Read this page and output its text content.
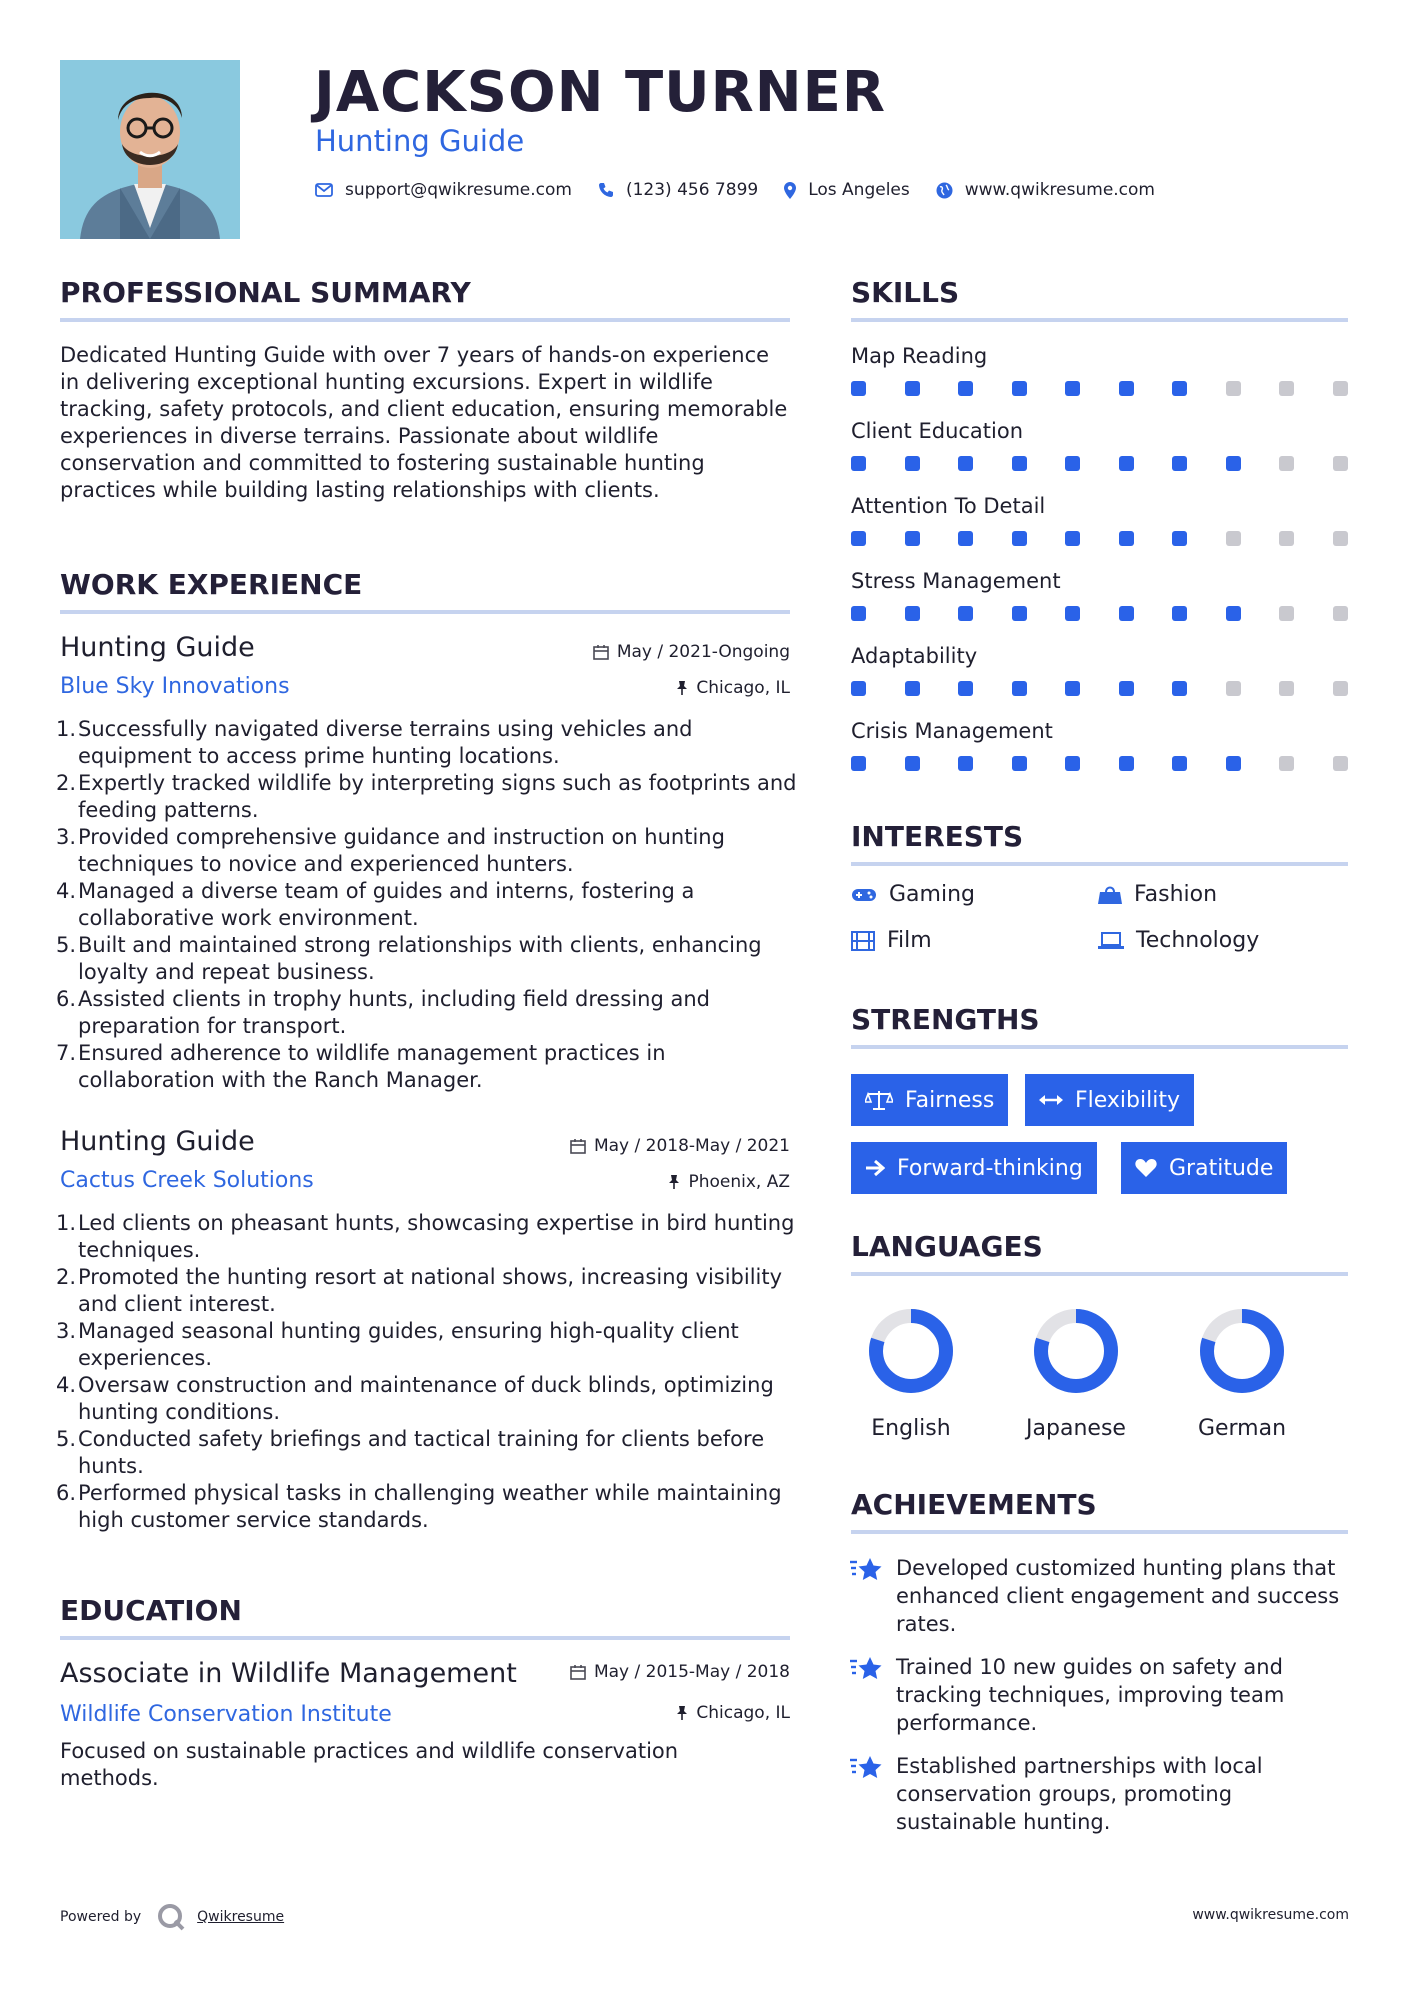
JACKSON TURNER
Hunting Guide
support@qwikresume.com	(123) 456 7899	Los Angeles	www.qwikresume.com
PROFESSIONAL SUMMARY
Dedicated Hunting Guide with over 7 years of hands-on experience in delivering exceptional hunting excursions. Expert in wildlife tracking, safety protocols, and client education, ensuring memorable experiences in diverse terrains. Passionate about wildlife conservation and committed to fostering sustainable hunting practices while building lasting relationships with clients.
WORK EXPERIENCE
Hunting Guide	May / 2021-Ongoing
Blue Sky Innovations	Chicago, IL
1. Successfully navigated diverse terrains using vehicles and equipment to access prime hunting locations.
2. Expertly tracked wildlife by interpreting signs such as footprints and feeding patterns.
3. Provided comprehensive guidance and instruction on hunting techniques to novice and experienced hunters.
4. Managed a diverse team of guides and interns, fostering a collaborative work environment.
5. Built and maintained strong relationships with clients, enhancing loyalty and repeat business.
6. Assisted clients in trophy hunts, including field dressing and preparation for transport.
7. Ensured adherence to wildlife management practices in collaboration with the Ranch Manager.
Hunting Guide	May / 2018-May / 2021
Cactus Creek Solutions	Phoenix, AZ
1. Led clients on pheasant hunts, showcasing expertise in bird hunting techniques.
2. Promoted the hunting resort at national shows, increasing visibility and client interest.
3. Managed seasonal hunting guides, ensuring high-quality client experiences.
4. Oversaw construction and maintenance of duck blinds, optimizing hunting conditions.
5. Conducted safety briefings and tactical training for clients before hunts.
6. Performed physical tasks in challenging weather while maintaining high customer service standards.
EDUCATION
Associate in Wildlife Management	May / 2015-May / 2018
Wildlife Conservation Institute	Chicago, IL
Focused on sustainable practices and wildlife conservation methods.
SKILLS
Map Reading
Client Education
Attention To Detail
Stress Management
Adaptability
Crisis Management
INTERESTS
Gaming	Fashion
Film	Technology
STRENGTHS
Fairness	Flexibility
Forward-thinking	Gratitude
LANGUAGES
English	Japanese	German
ACHIEVEMENTS
Developed customized hunting plans that enhanced client engagement and success rates.
Trained 10 new guides on safety and tracking techniques, improving team performance.
Established partnerships with local conservation groups, promoting sustainable hunting.
Powered by	Qwikresume	www.qwikresume.com
